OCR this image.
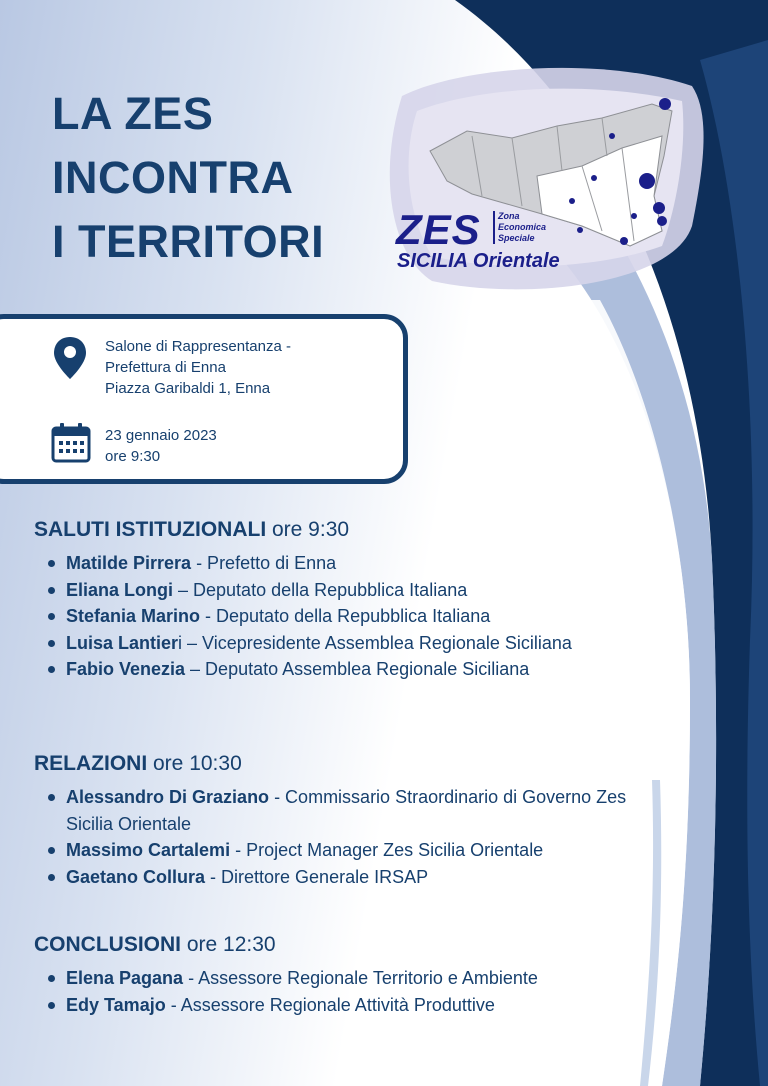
LA ZES
INCONTRA
I TERRITORI ZES Zona
Economica
Speciale
SICILIA Orientale
Salone di Rappresentanza -
Prefettura di Enna
Piazza Garibaldi 1, Enna
23 gennaio 2023
ore 9:30
SALUTI ISTITUZIONALI ore 9:30
Matilde Pirrera - Prefetto di Enna
Eliana Longi – Deputato della Repubblica Italiana
Stefania Marino - Deputato della Repubblica Italiana
Luisa Lantieri – Vicepresidente Assemblea Regionale Siciliana
Fabio Venezia – Deputato Assemblea Regionale Siciliana
RELAZIONI ore 10:30
Alessandro Di Graziano - Commissario Straordinario di Governo Zes Sicilia Orientale
Massimo Cartalemi - Project Manager Zes Sicilia Orientale
Gaetano Collura - Direttore Generale IRSAP
CONCLUSIONI ore 12:30
Elena Pagana - Assessore Regionale Territorio e Ambiente
Edy Tamajo - Assessore Regionale Attività Produttive
